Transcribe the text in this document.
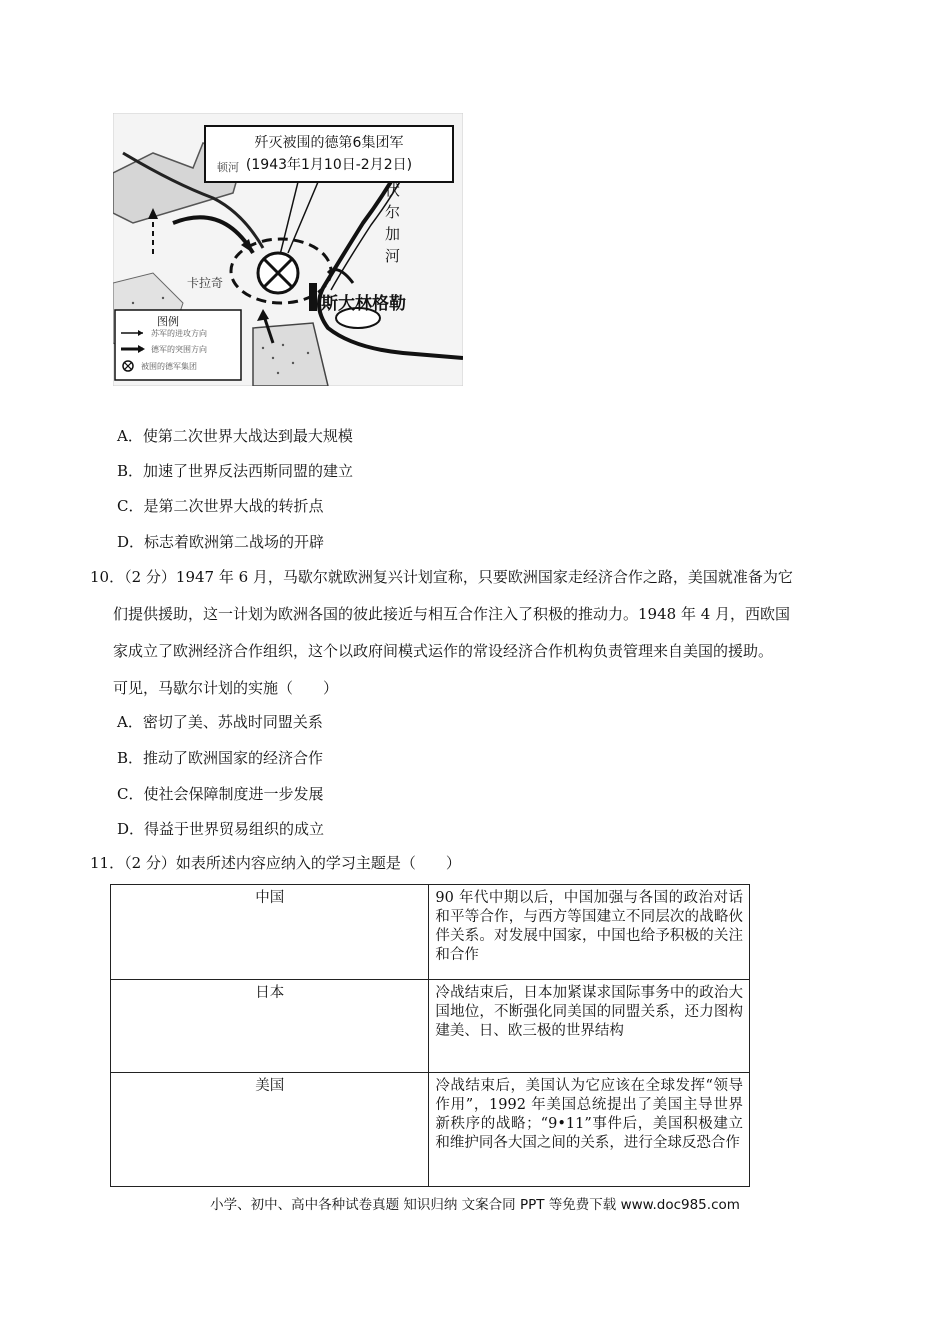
歼灭被围的德第6集团军
(1943年1月10日-2月2日)
伏
尔
加
河
斯大林格勒
卡拉奇
顿河
图例
苏军的进攻方向
德军的突围方向
被围的德军集团
A．使第二次世界大战达到最大规模
B．加速了世界反法西斯同盟的建立
C．是第二次世界大战的转折点
D．标志着欧洲第二战场的开辟
10．（2 分）1947 年 6 月，马歇尔就欧洲复兴计划宣称，只要欧洲国家走经济合作之路，美国就准备为它
们提供援助，这一计划为欧洲各国的彼此接近与相互合作注入了积极的推动力。1948 年 4 月，西欧国
家成立了欧洲经济合作组织，这个以政府间模式运作的常设经济合作机构负责管理来自美国的援助。
可见，马歇尔计划的实施（　　）
A．密切了美、苏战时同盟关系
B．推动了欧洲国家的经济合作
C．使社会保障制度进一步发展
D．得益于世界贸易组织的成立
11．（2 分）如表所述内容应纳入的学习主题是（　　）
中国	90 年代中期以后，中国加强与各国的政治对话和平等合作，与西方等国建立不同层次的战略伙伴关系。对发展中国家，中国也给予积极的关注和合作
日本	冷战结束后，日本加紧谋求国际事务中的政治大国地位，不断强化同美国的同盟关系，还力图构建美、日、欧三极的世界结构
美国	冷战结束后，美国认为它应该在全球发挥“领导作用”，1992 年美国总统提出了美国主导世界新秩序的战略；“9•11”事件后，美国积极建立和维护同各大国之间的关系，进行全球反恐合作
小学、初中、高中各种试卷真题 知识归纳 文案合同 PPT 等免费下载 www.doc985.com
